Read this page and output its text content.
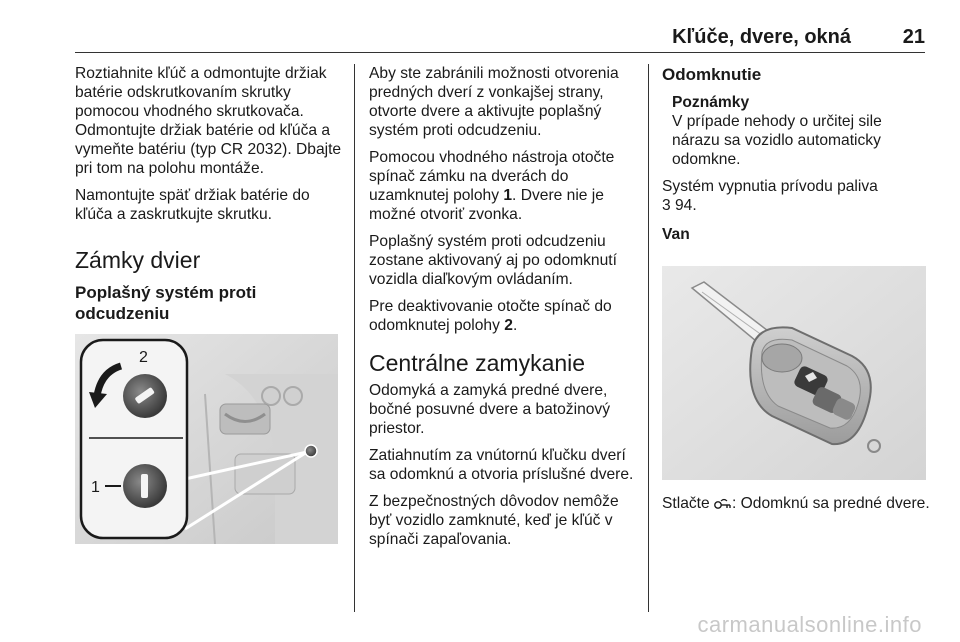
Kľúče, dvere, okná	21

Roztiahnite kľúč a odmontujte držiak batérie odskrutkovaním skrutky pomocou vhodného skrutkovača. Odmontujte držiak batérie od kľúča a vymeňte batériu (typ CR 2032). Dbajte pri tom na polohu montáže.

Namontujte späť držiak batérie do kľúča a zaskrutkujte skrutku.

Zámky dvier
Poplašný systém proti odcudzeniu
2
1

Aby ste zabránili možnosti otvorenia predných dverí z vonkajšej strany, otvorte dvere a aktivujte poplašný systém proti odcudzeniu.

Pomocou vhodného nástroja otočte spínač zámku na dverách do uzamknutej polohy 1. Dvere nie je možné otvoriť zvonka.

Poplašný systém proti odcudzeniu zostane aktivovaný aj po odomknutí vozidla diaľkovým ovládaním.

Pre deaktivovanie otočte spínač do odomknutej polohy 2.

Centrálne zamykanie

Odomyká a zamyká predné dvere, bočné posuvné dvere a batožinový priestor.

Zatiahnutím za vnútornú kľučku dverí sa odomknú a otvoria príslušné dvere.

Z bezpečnostných dôvodov nemôže byť vozidlo zamknuté, keď je kľúč v spínači zapaľovania.

Odomknutie
Poznámky

V prípade nehody o určitej sile nárazu sa vozidlo automaticky odomkne.

Systém vypnutia prívodu paliva
3 94.

Van

Stlačte : Odomknú sa predné dvere.

carmanualsonline.info
